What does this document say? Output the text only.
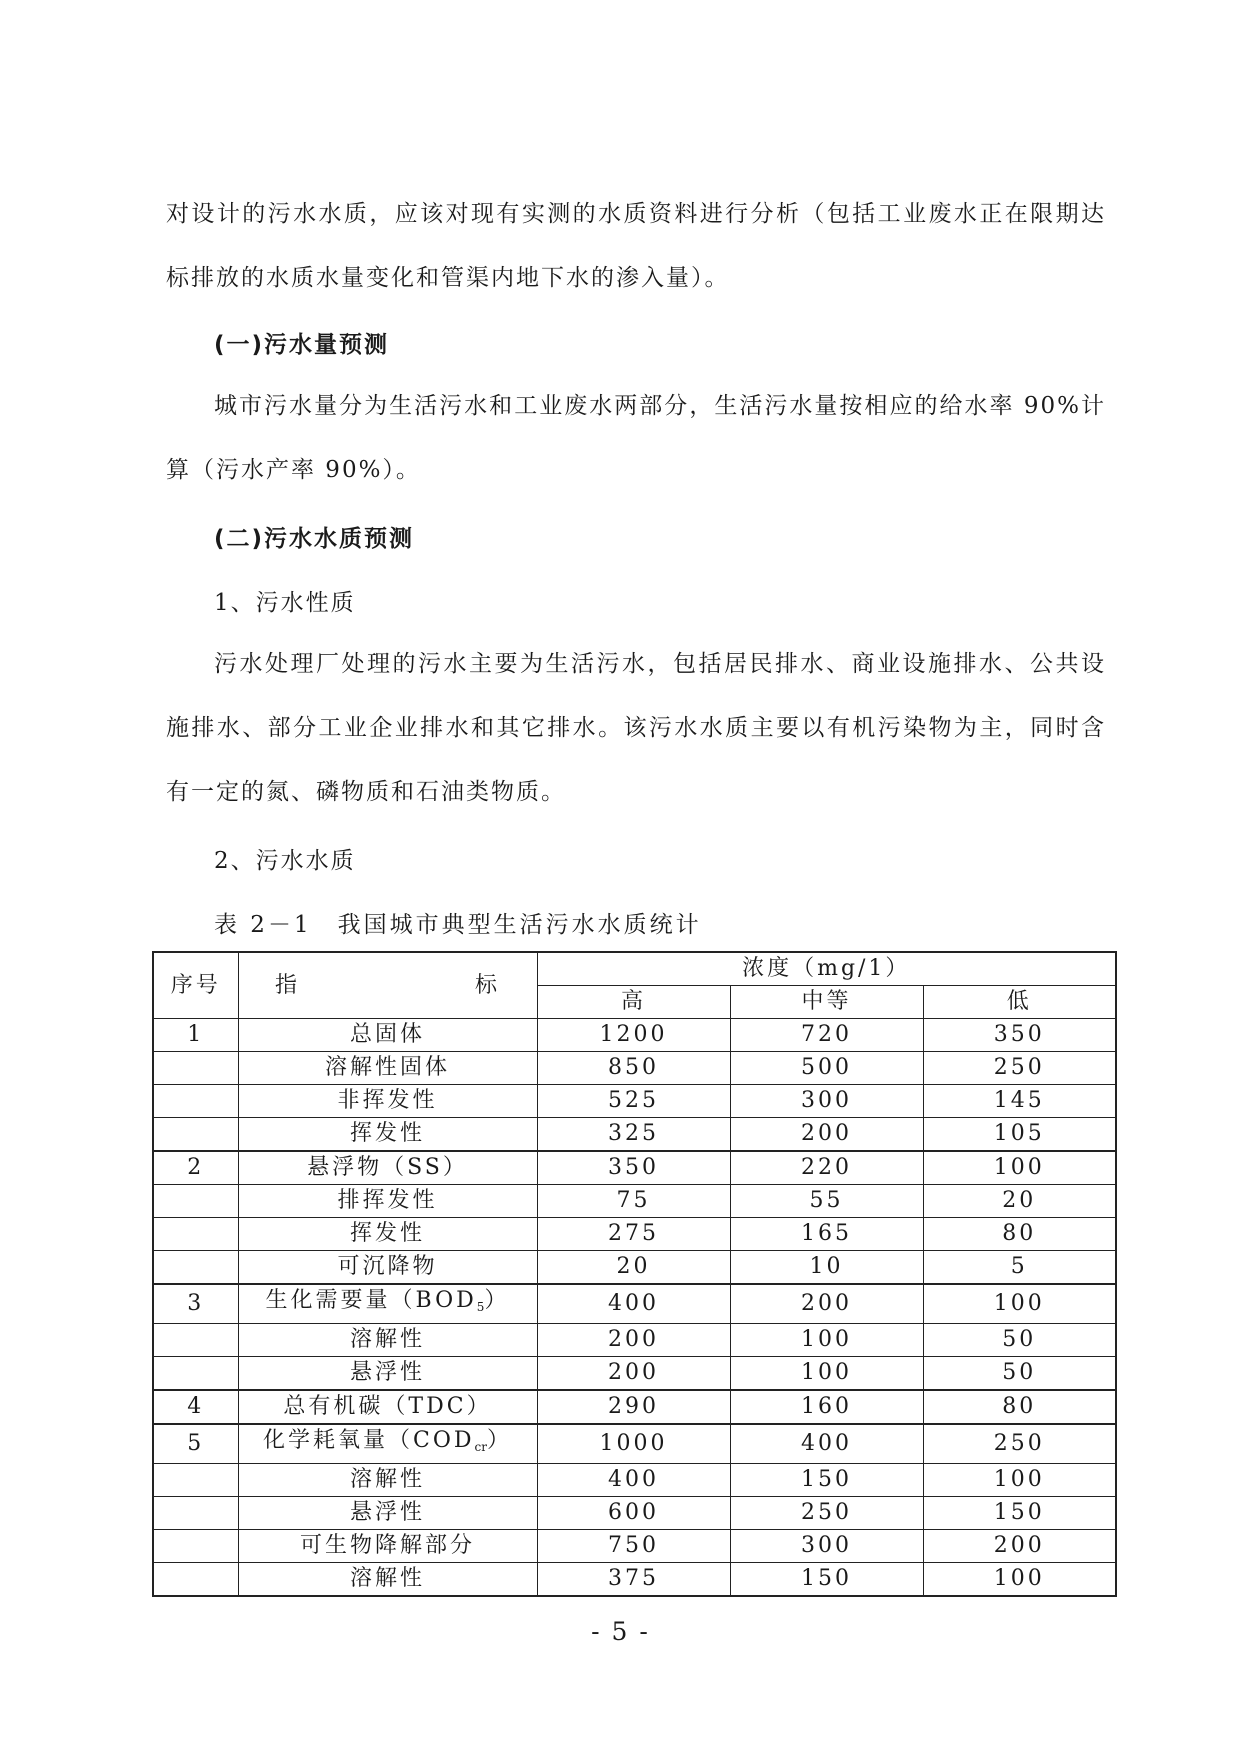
对设计的污水水质，应该对现有实测的水质资料进行分析（包括工业废水正在限期达标排放的水质水量变化和管渠内地下水的渗入量）。

(一)污水量预测

城市污水量分为生活污水和工业废水两部分，生活污水量按相应的给水率 90%计算（污水产率 90%）。

(二)污水水质预测

1、污水性质

污水处理厂处理的污水主要为生活污水，包括居民排水、商业设施排水、公共设施排水、部分工业企业排水和其它排水。该污水水质主要以有机污染物为主，同时含有一定的氮、磷物质和石油类物质。

2、污水水质

表 2－1　我国城市典型生活污水水质统计

序号	指 标	浓度（mg/1）		
		高	中等	低
1	总固体	1200	720	350
	溶解性固体	850	500	250
	非挥发性	525	300	145
	挥发性	325	200	105
2	悬浮物（SS）	350	220	100
	排挥发性	75	55	20
	挥发性	275	165	80
	可沉降物	20	10	5
3	生化需要量$(BOD_5)$	400	200	100
	溶解性	200	100	50
	悬浮性	200	100	50
4	总有机碳（TDC）	290	160	80
5	化学耗氧量$(COD_{cr})$	1000	400	250
	溶解性	400	150	100
	悬浮性	600	250	150
	可生物降解部分	750	300	200
	溶解性	375	150	100
- 5 -
